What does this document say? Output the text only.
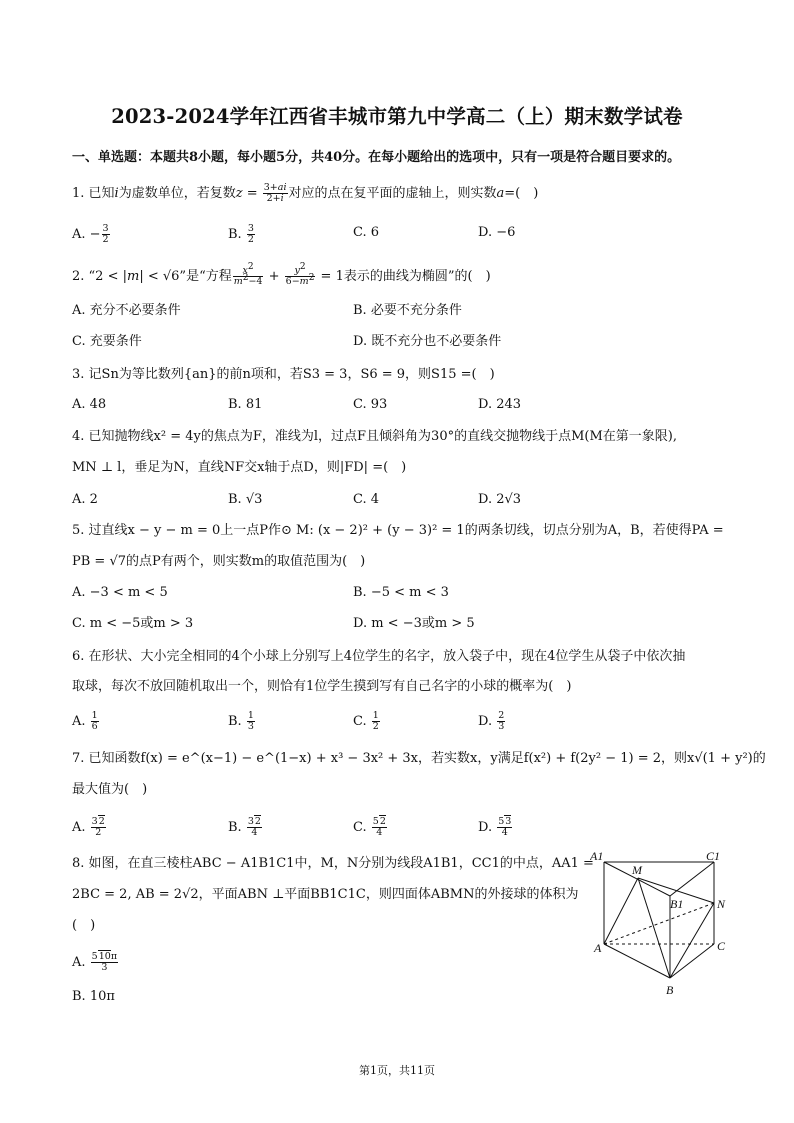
2023-2024学年江西省丰城市第九中学高二（上）期末数学试卷
一、单选题：本题共8小题，每小题5分，共40分。在每小题给出的选项中，只有一项是符合题目要求的。
1. 已知i为虚数单位，若复数$z = \frac{3+ai}{2+i}$ 对应的点在复平面的虚轴上，则实数a=(　)
A. − $\frac{3}{2}$	B. $\frac{3}{2}$	C. 6	D. −6
2. “2 < |m| < √6”是“方程 $\frac{x^2}{m^2-4} + \frac{y^2}{6-m^2} = 1$表示的曲线为椭圆”的(　)
A. 充分不必要条件	B. 必要不充分条件
C. 充要条件	D. 既不充分也不必要条件
3. 记Sn为等比数列{an}的前n项和，若S3 = 3，S6 = 9，则S15 =(　)
A. 48	B. 81	C. 93	D. 243
4. 已知抛物线x² = 4y的焦点为F，准线为l，过点F且倾斜角为30°的直线交抛物线于点M(M在第一象限),
MN ⊥ l，垂足为N，直线NF交x轴于点D，则|FD| =(　)
A. 2	B. √3	C. 4	D. 2√3
5. 过直线x − y − m = 0上一点P作⊙ M: (x − 2)² + (y − 3)² = 1的两条切线，切点分别为A，B，若使得PA =
PB = √7的点P有两个，则实数m的取值范围为(　)
A. −3 < m < 5	B. −5 < m < 3
C. m < −5或m > 3	D. m < −3或m > 5
6. 在形状、大小完全相同的4个小球上分别写上4位学生的名字，放入袋子中，现在4位学生从袋子中依次抽
取球，每次不放回随机取出一个，则恰有1位学生摸到写有自己名字的小球的概率为(　)
A. $\frac{1}{6}$	B. $\frac{1}{3}$	C. $\frac{1}{2}$	D. $\frac{2}{3}$
7. 已知函数f(x) = e^(x−1) − e^(1−x) + x³ − 3x² + 3x，若实数x，y满足f(x²) + f(2y² − 1) = 2，则x√(1 + y²)的
最大值为(　)
A. $\frac{32}{2}$	B. $\frac{32}{4}$	C. $\frac{52}{4}$	D. $\frac{53}{4}$
8. 如图，在直三棱柱ABC − A1B1C1中，M，N分别为线段A1B1，CC1的中点，AA1 =
2BC = 2, AB = 2√2，平面ABN ⊥平面BB1C1C，则四面体ABMN的外接球的体积为
(　)
A. $\frac{510\pi}{3}$
B. 10π
A1
M
C1
B1	N
A	C
B
第1页，共11页
